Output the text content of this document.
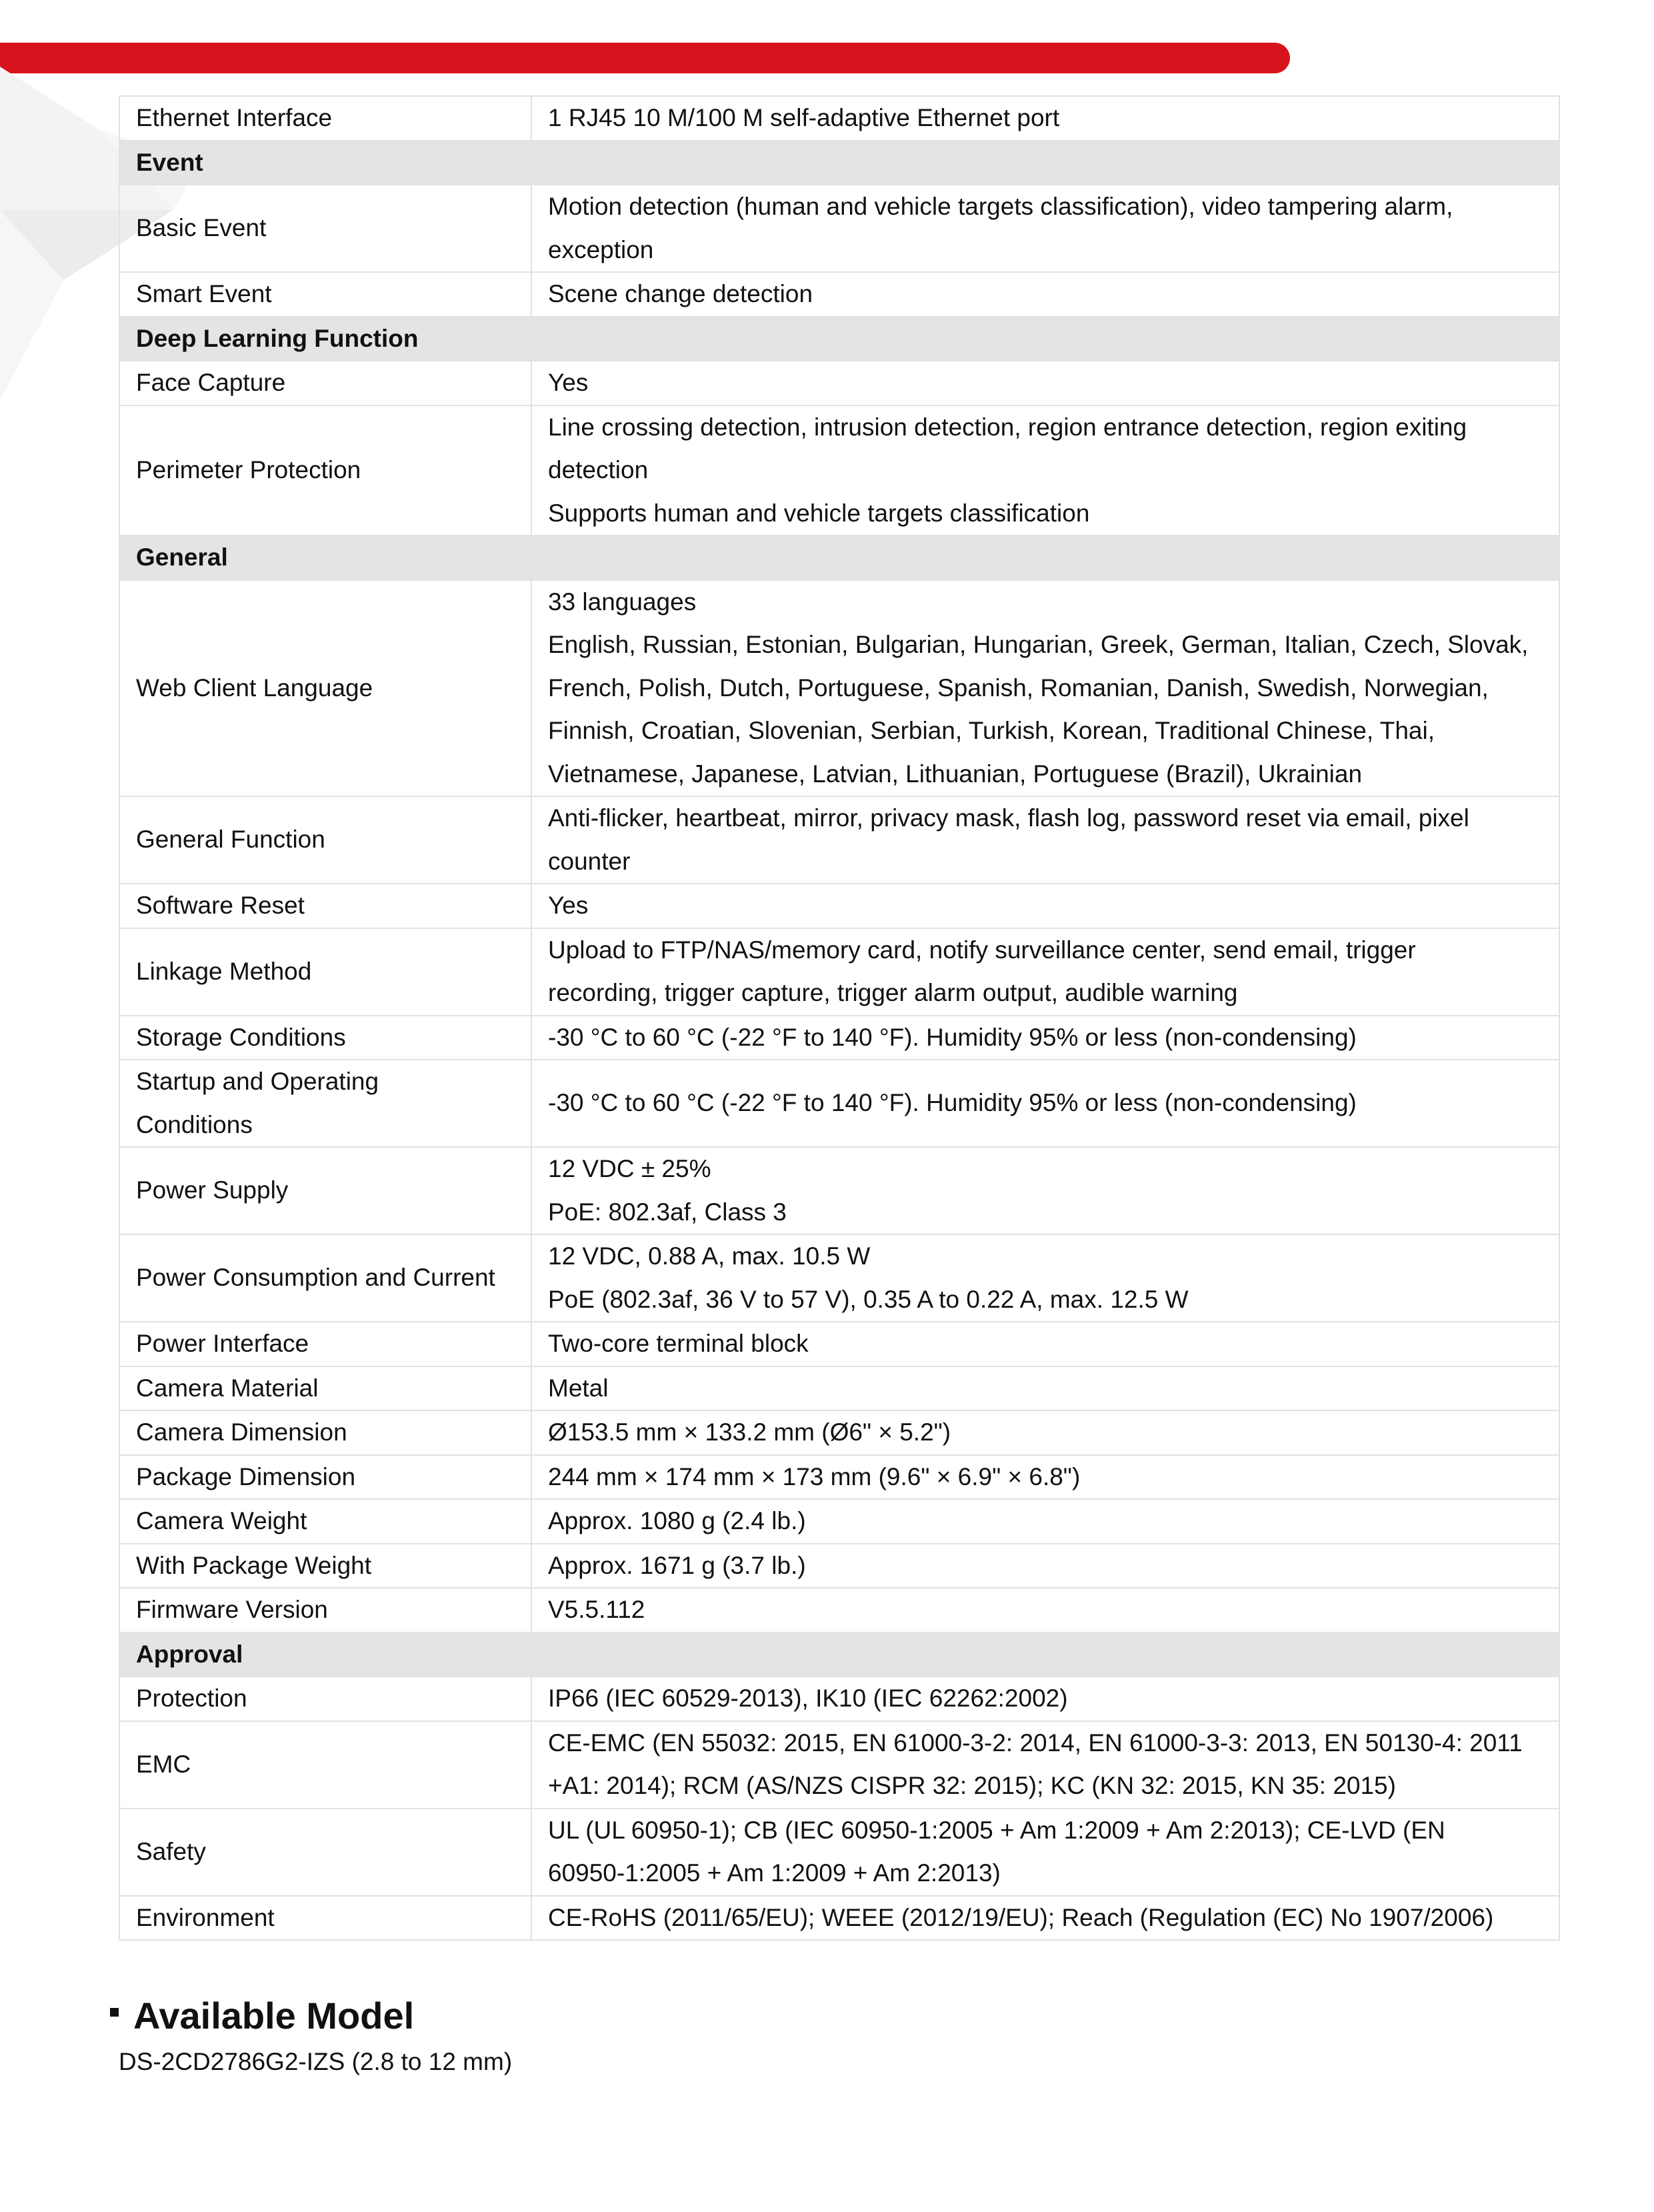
Ethernet Interface	1 RJ45 10 M/100 M self-adaptive Ethernet port

Event	
Basic Event	Motion detection (human and vehicle targets classification), video tampering alarm,
exception

Smart Event	Scene change detection

Deep Learning Function	
Face Capture	Yes

Perimeter Protection	Line crossing detection, intrusion detection, region entrance detection, region exiting
detection
Supports human and vehicle targets classification

General	
Web Client Language	33 languages
English, Russian, Estonian, Bulgarian, Hungarian, Greek, German, Italian, Czech, Slovak,
French, Polish, Dutch, Portuguese, Spanish, Romanian, Danish, Swedish, Norwegian,
Finnish, Croatian, Slovenian, Serbian, Turkish, Korean, Traditional Chinese, Thai,
Vietnamese, Japanese, Latvian, Lithuanian, Portuguese (Brazil), Ukrainian

General Function	Anti-flicker, heartbeat, mirror, privacy mask, flash log, password reset via email, pixel
counter

Software Reset	Yes

Linkage Method	Upload to FTP/NAS/memory card, notify surveillance center, send email, trigger
recording, trigger capture, trigger alarm output, audible warning

Storage Conditions	-30 °C to 60 °C (-22 °F to 140 °F). Humidity 95% or less (non-condensing)

Startup and Operating
Conditions	-30 °C to 60 °C (-22 °F to 140 °F). Humidity 95% or less (non-condensing)

Power Supply	12 VDC ± 25%
PoE: 802.3af, Class 3

Power Consumption and Current	12 VDC, 0.88 A, max. 10.5 W
PoE (802.3af, 36 V to 57 V), 0.35 A to 0.22 A, max. 12.5 W

Power Interface	Two-core terminal block

Camera Material	Metal

Camera Dimension	Ø153.5 mm × 133.2 mm (Ø6" × 5.2")

Package Dimension	244 mm × 174 mm × 173 mm (9.6" × 6.9" × 6.8")

Camera Weight	Approx. 1080 g (2.4 lb.)

With Package Weight	Approx. 1671 g (3.7 lb.)

Firmware Version	V5.5.112

Approval	
Protection	IP66 (IEC 60529-2013), IK10 (IEC 62262:2002)

EMC	CE-EMC (EN 55032: 2015, EN 61000-3-2: 2014, EN 61000-3-3: 2013, EN 50130-4: 2011
+A1: 2014); RCM (AS/NZS CISPR 32: 2015); KC (KN 32: 2015, KN 35: 2015)

Safety	UL (UL 60950-1); CB (IEC 60950-1:2005 + Am 1:2009 + Am 2:2013); CE-LVD (EN
60950-1:2005 + Am 1:2009 + Am 2:2013)

Environment	CE-RoHS (2011/65/EU); WEEE (2012/19/EU); Reach (Regulation (EC) No 1907/2006)
Available Model
DS-2CD2786G2-IZS (2.8 to 12 mm)
